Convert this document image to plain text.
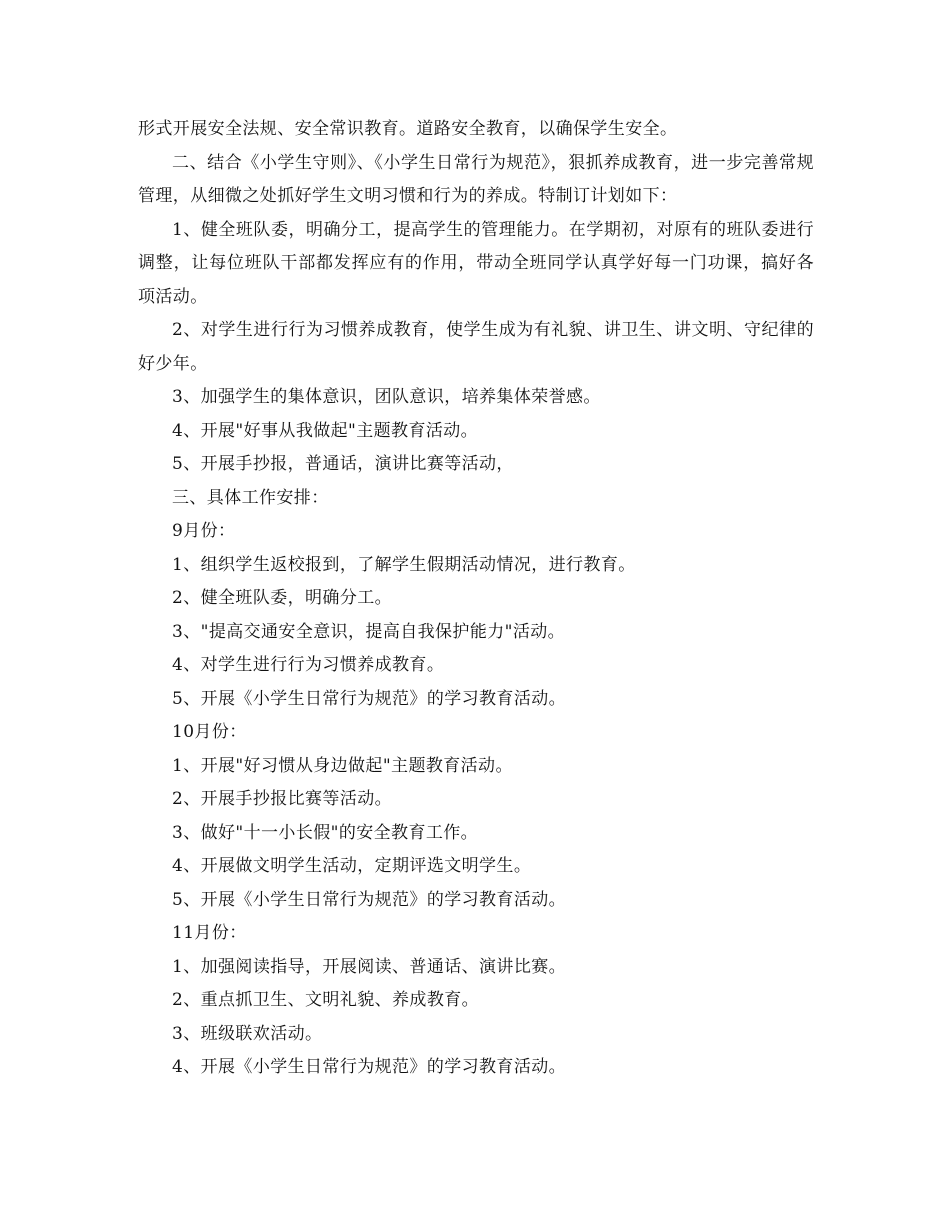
形式开展安全法规、安全常识教育。道路安全教育，以确保学生安全。

二、结合《小学生守则》、《小学生日常行为规范》，狠抓养成教育，进一步完善常规管理，从细微之处抓好学生文明习惯和行为的养成。特制订计划如下：

1、健全班队委，明确分工，提高学生的管理能力。在学期初，对原有的班队委进行调整，让每位班队干部都发挥应有的作用，带动全班同学认真学好每一门功课，搞好各项活动。

2、对学生进行行为习惯养成教育，使学生成为有礼貌、讲卫生、讲文明、守纪律的好少年。

3、加强学生的集体意识，团队意识，培养集体荣誉感。

4、开展"好事从我做起"主题教育活动。

5、开展手抄报，普通话，演讲比赛等活动，

三、具体工作安排：

9月份：

1、组织学生返校报到，了解学生假期活动情况，进行教育。

2、健全班队委，明确分工。

3、"提高交通安全意识，提高自我保护能力"活动。

4、对学生进行行为习惯养成教育。

5、开展《小学生日常行为规范》的学习教育活动。

10月份：

1、开展"好习惯从身边做起"主题教育活动。

2、开展手抄报比赛等活动。

3、做好"十一小长假"的安全教育工作。

4、开展做文明学生活动，定期评选文明学生。

5、开展《小学生日常行为规范》的学习教育活动。

11月份：

1、加强阅读指导，开展阅读、普通话、演讲比赛。

2、重点抓卫生、文明礼貌、养成教育。

3、班级联欢活动。

4、开展《小学生日常行为规范》的学习教育活动。
